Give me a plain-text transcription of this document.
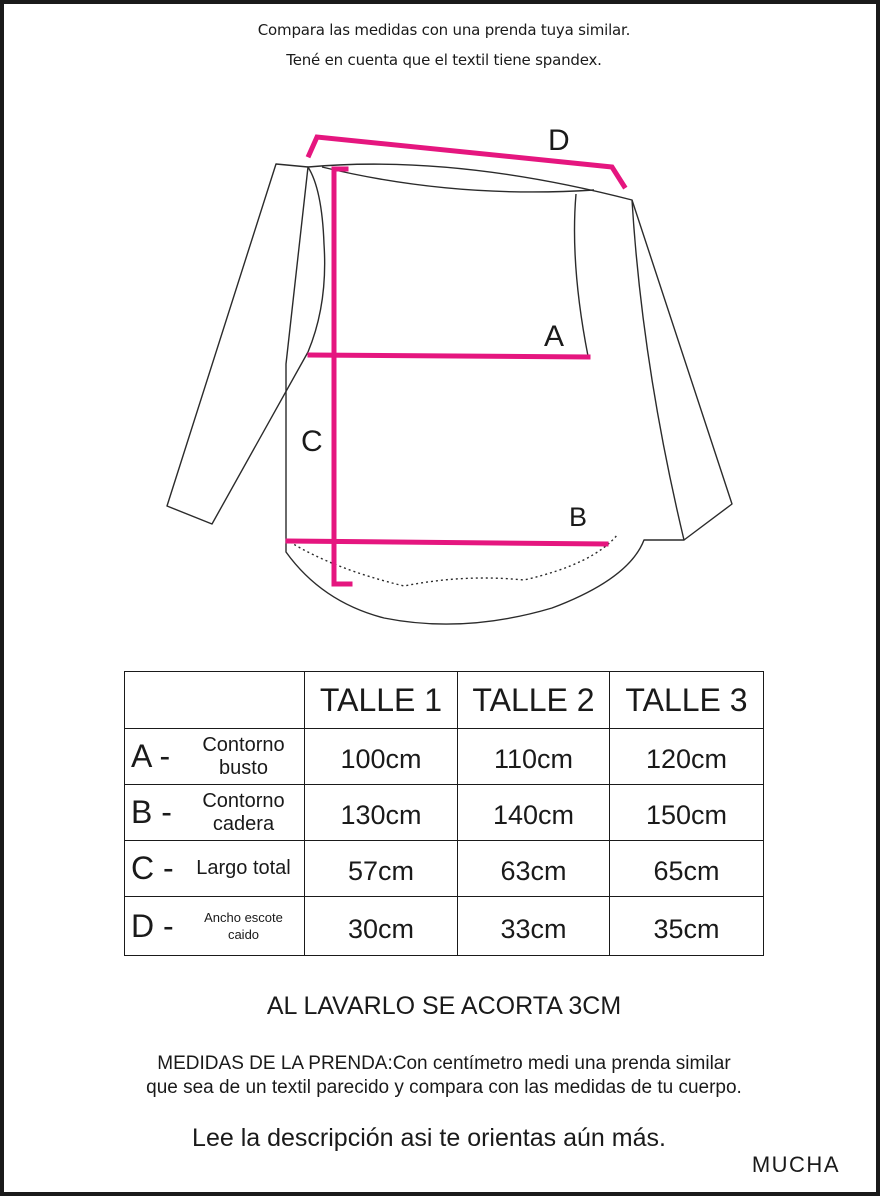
Compara las medidas con una prenda tuya similar.
Tené en cuenta que el textil tiene spandex.
D
A
C
B
	TALLE 1	TALLE 2	TALLE 3

A - Contorno busto	100cm	110cm	120cm

B - Contorno cadera	130cm	140cm	150cm

C - Largo total	57cm	63cm	65cm

D - Ancho escote caido	30cm	33cm	35cm
AL LAVARLO SE ACORTA 3CM
MEDIDAS DE LA PRENDA:Con centímetro medi una prenda similar
que sea de un textil parecido y compara con las medidas de tu cuerpo.
Lee la descripción asi te orientas aún más.
MUCHA
